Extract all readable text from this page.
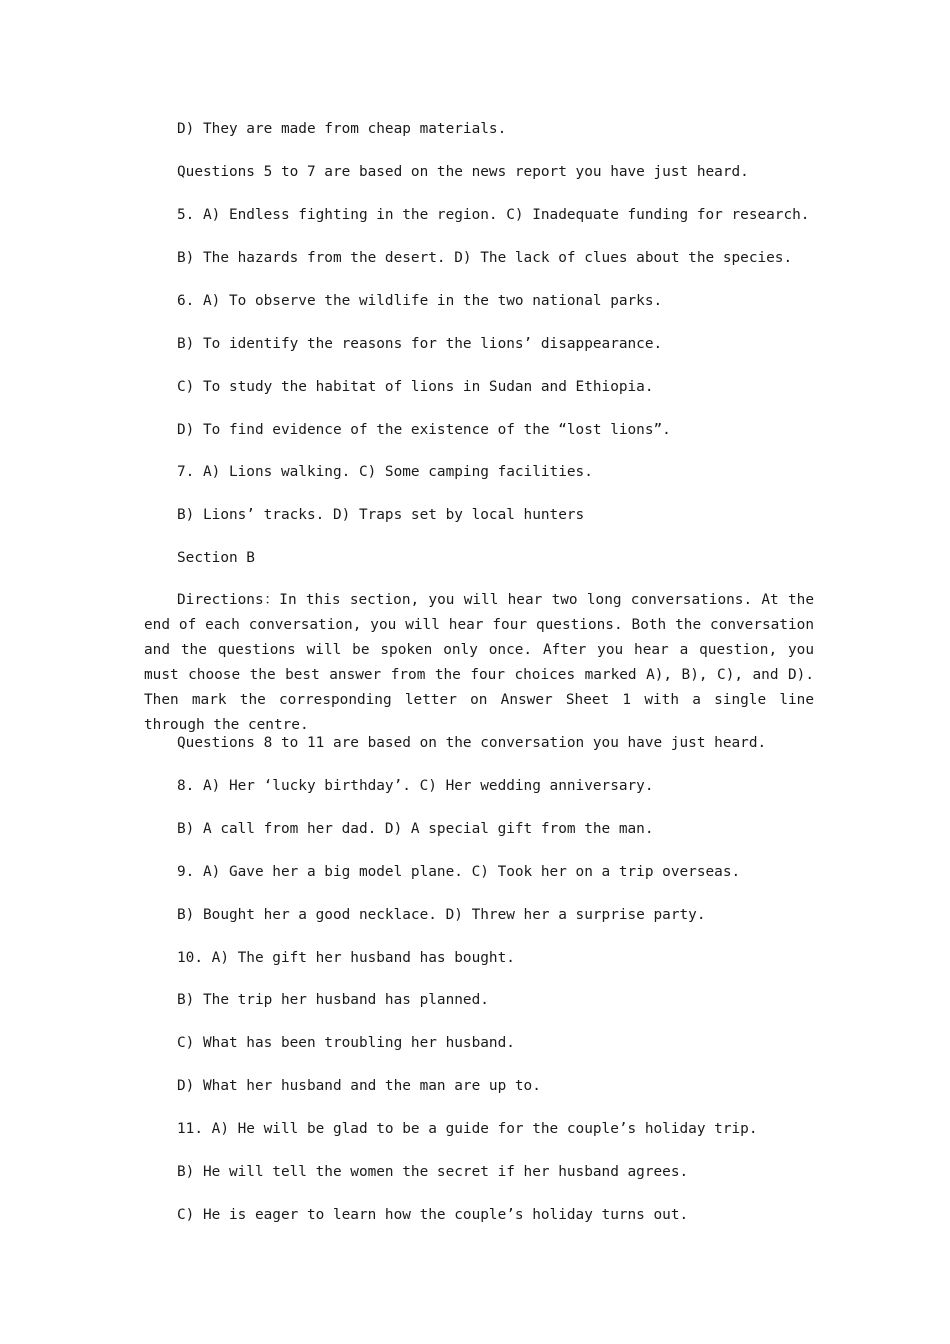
D) They are made from cheap materials.
Questions 5 to 7 are based on the news report you have just heard.
5. A) Endless fighting in the region. C) Inadequate funding for research.
B) The hazards from the desert. D) The lack of clues about the species.
6. A) To observe the wildlife in the two national parks.
B) To identify the reasons for the lions’ disappearance.
C) To study the habitat of lions in Sudan and Ethiopia.
D) To find evidence of the existence of the “lost lions”.
7. A) Lions walking. C) Some camping facilities.
B) Lions’ tracks. D) Traps set by local hunters
Section B
Directions：In this section, you will hear two long conversations. At the end of each conversation, you will hear four questions. Both the conversation and the questions will be spoken only once. After you hear a question, you must choose the best answer from the four choices marked A), B), C), and D). Then mark the corresponding letter on Answer Sheet 1 with a single line through the centre.
Questions 8 to 11 are based on the conversation you have just heard.
8. A) Her ‘lucky birthday’. C) Her wedding anniversary.
B) A call from her dad. D) A special gift from the man.
9. A) Gave her a big model plane. C) Took her on a trip overseas.
B) Bought her a good necklace. D) Threw her a surprise party.
10. A) The gift her husband has bought.
B) The trip her husband has planned.
C) What has been troubling her husband.
D) What her husband and the man are up to.
11. A) He will be glad to be a guide for the couple’s holiday trip.
B) He will tell the women the secret if her husband agrees.
C) He is eager to learn how the couple’s holiday turns out.
